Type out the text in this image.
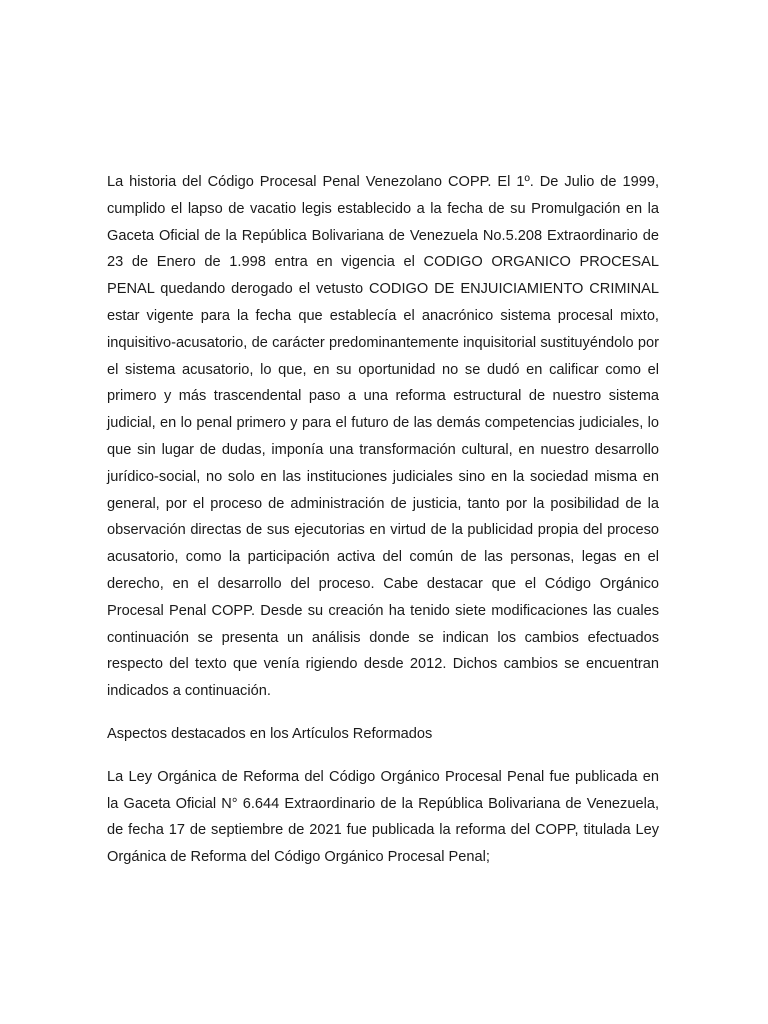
La historia del Código Procesal Penal Venezolano COPP. El 1º. De Julio de 1999, cumplido el lapso de vacatio legis establecido a la fecha de su Promulgación en la Gaceta Oficial de la República Bolivariana de Venezuela No.5.208 Extraordinario de 23 de Enero de 1.998 entra en vigencia el CODIGO ORGANICO PROCESAL PENAL quedando derogado el vetusto CODIGO DE ENJUICIAMIENTO CRIMINAL estar vigente para la fecha que establecía el anacrónico sistema procesal mixto, inquisitivo-acusatorio, de carácter predominantemente inquisitorial sustituyéndolo por el sistema acusatorio, lo que, en su oportunidad no se dudó en calificar como el primero y más trascendental paso a una reforma estructural de nuestro sistema judicial, en lo penal primero y para el futuro de las demás competencias judiciales, lo que sin lugar de dudas, imponía una transformación cultural, en nuestro desarrollo jurídico-social, no solo en las instituciones judiciales sino en la sociedad misma en general, por el proceso de administración de justicia, tanto por la posibilidad de la observación directas de sus ejecutorias en virtud de la publicidad propia del proceso acusatorio, como la participación activa del común de las personas, legas en el derecho, en el desarrollo del proceso. Cabe destacar que el Código Orgánico Procesal Penal COPP. Desde su creación ha tenido siete modificaciones las cuales continuación se presenta un análisis donde se indican los cambios efectuados respecto del texto que venía rigiendo desde 2012. Dichos cambios se encuentran indicados a continuación.

Aspectos destacados en los Artículos Reformados

La Ley Orgánica de Reforma del Código Orgánico Procesal Penal fue publicada en la Gaceta Oficial N° 6.644 Extraordinario de la República Bolivariana de Venezuela, de fecha 17 de septiembre de 2021 fue publicada la reforma del COPP, titulada Ley Orgánica de Reforma del Código Orgánico Procesal Penal;
